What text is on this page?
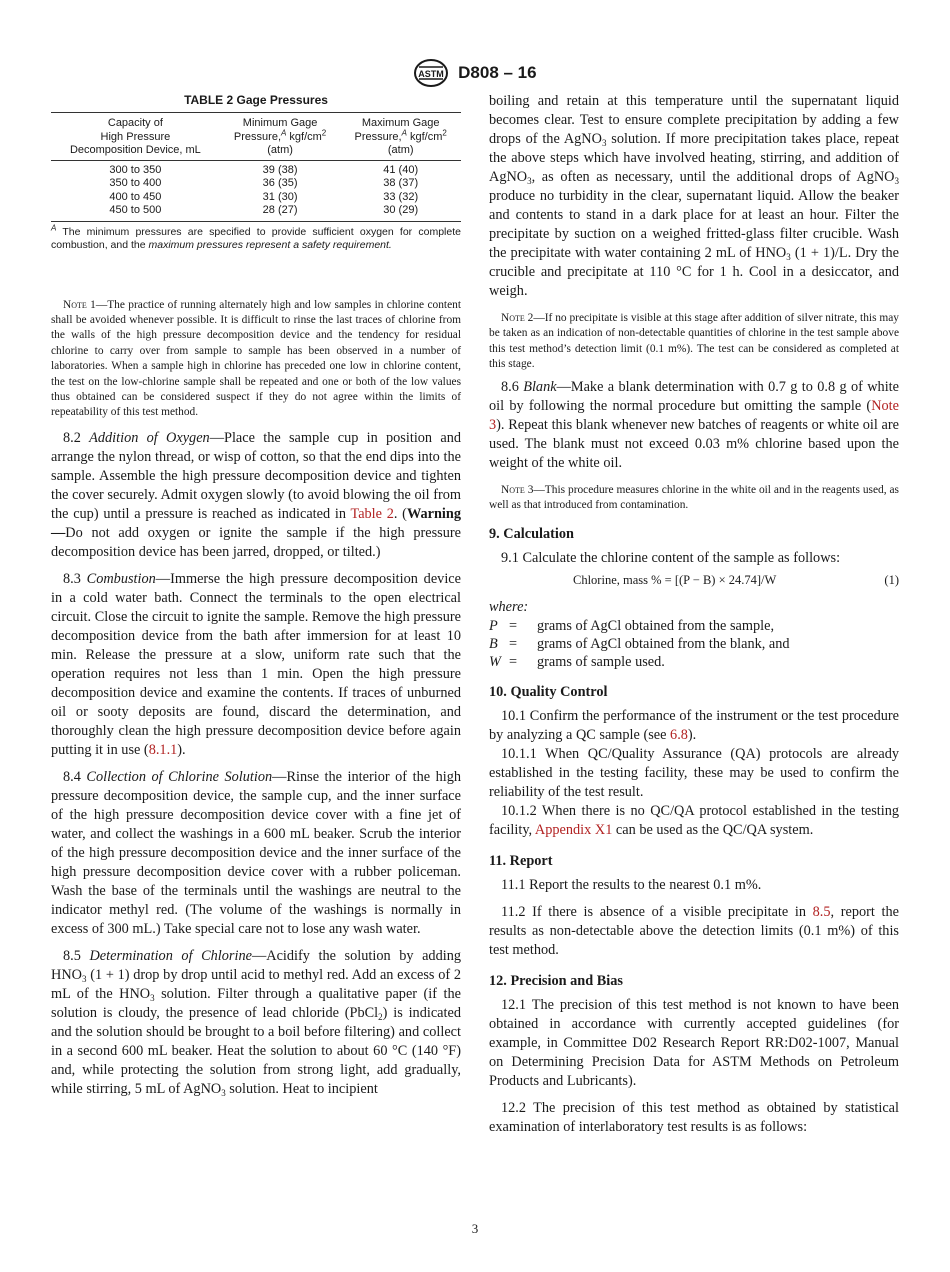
ASTM D808 – 16
TABLE 2 Gage Pressures
Capacity of
High Pressure
Decomposition Device, mL	Minimum Gage
Pressure,$^A$ kgf/$cm^2$
(atm)	Maximum Gage
Pressure,$^A$ kgf/$cm^2$
(atm)
300 to 350	39 (38)	41 (40)
350 to 400	36 (35)	38 (37)
400 to 450	31 (30)	33 (32)
450 to 500	28 (27)	30 (29)
$^A$ The minimum pressures are specified to provide sufficient oxygen for complete combustion, and the maximum pressures represent a safety requirement.

Note 1—The practice of running alternately high and low samples in chlorine content shall be avoided whenever possible. It is difficult to rinse the last traces of chlorine from the walls of the high pressure decomposition device and the tendency for residual chlorine to carry over from sample to sample has been observed in a number of laboratories. When a sample high in chlorine has preceded one low in chlorine content, the test on the low-chlorine sample shall be repeated and one or both of the low values thus obtained can be considered suspect if they do not agree within the limits of repeatability of this test method.

8.2 Addition of Oxygen—Place the sample cup in position and arrange the nylon thread, or wisp of cotton, so that the end dips into the sample. Assemble the high pressure decomposition device and tighten the cover securely. Admit oxygen slowly (to avoid blowing the oil from the cup) until a pressure is reached as indicated in Table 2. (Warning—Do not add oxygen or ignite the sample if the high pressure decomposition device has been jarred, dropped, or tilted.)

8.3 Combustion—Immerse the high pressure decomposition device in a cold water bath. Connect the terminals to the open electrical circuit. Close the circuit to ignite the sample. Remove the high pressure decomposition device from the bath after immersion for at least 10 min. Release the pressure at a slow, uniform rate such that the operation requires not less than 1 min. Open the high pressure decomposition device and examine the contents. If traces of unburned oil or sooty deposits are found, discard the determination, and thoroughly clean the high pressure decomposition device before again putting it in use (8.1.1).

8.4 Collection of Chlorine Solution—Rinse the interior of the high pressure decomposition device, the sample cup, and the inner surface of the high pressure decomposition device cover with a fine jet of water, and collect the washings in a 600 mL beaker. Scrub the interior of the high pressure decomposition device and the inner surface of the high pressure decomposition device cover with a rubber policeman. Wash the base of the terminals until the washings are neutral to the indicator methyl red. (The volume of the washings is normally in excess of 300 mL.) Take special care not to lose any wash water.

8.5 Determination of Chlorine—Acidify the solution by adding $HNO_3$ (1 + 1) drop by drop until acid to methyl red. Add an excess of 2 mL of the $HNO_3$ solution. Filter through a qualitative paper (if the solution is cloudy, the presence of lead chloride (PbCl$_2$) is indicated and the solution should be brought to a boil before filtering) and collect in a second 600 mL beaker. Heat the solution to about 60 °C (140 °F) and, while protecting the solution from strong light, add gradually, while stirring, 5 mL of AgNO$_3$ solution. Heat to incipient

boiling and retain at this temperature until the supernatant liquid becomes clear. Test to ensure complete precipitation by adding a few drops of the AgNO$_3$ solution. If more precipitation takes place, repeat the above steps which have involved heating, stirring, and addition of AgNO$_3$, as often as necessary, until the additional drops of AgNO$_3$ produce no turbidity in the clear, supernatant liquid. Allow the beaker and contents to stand in a dark place for at least an hour. Filter the precipitate by suction on a weighed fritted-glass filter crucible. Wash the precipitate with water containing 2 mL of $HNO_3$ (1 + 1)/L. Dry the crucible and precipitate at 110 °C for 1 h. Cool in a desiccator, and weigh.

Note 2—If no precipitate is visible at this stage after addition of silver nitrate, this may be taken as an indication of non-detectable quantities of chlorine in the test sample above this test method’s detection limit (0.1 m%). The test can be considered as completed at this stage.

8.6 Blank—Make a blank determination with 0.7 g to 0.8 g of white oil by following the normal procedure but omitting the sample (Note 3). Repeat this blank whenever new batches of reagents or white oil are used. The blank must not exceed 0.03 m% chlorine based upon the weight of the white oil.

Note 3—This procedure measures chlorine in the white oil and in the reagents used, as well as that introduced from contamination.

9. Calculation

9.1 Calculate the chlorine content of the sample as follows:

Chlorine, mass % = [(P − B) × 24.74]/W	(1)
where:
P = grams of AgCl obtained from the sample,
B = grams of AgCl obtained from the blank, and
W = grams of sample used.
10. Quality Control

10.1 Confirm the performance of the instrument or the test procedure by analyzing a QC sample (see 6.8).

10.1.1 When QC/Quality Assurance (QA) protocols are already established in the testing facility, these may be used to confirm the reliability of the test result.

10.1.2 When there is no QC/QA protocol established in the testing facility, Appendix X1 can be used as the QC/QA system.

11. Report

11.1 Report the results to the nearest 0.1 m%.

11.2 If there is absence of a visible precipitate in 8.5, report the results as non-detectable above the detection limits (0.1 m%) of this test method.

12. Precision and Bias

12.1 The precision of this test method is not known to have been obtained in accordance with currently accepted guidelines (for example, in Committee D02 Research Report RR:D02-1007, Manual on Determining Precision Data for ASTM Methods on Petroleum Products and Lubricants).

12.2 The precision of this test method as obtained by statistical examination of interlaboratory test results is as follows:

3
